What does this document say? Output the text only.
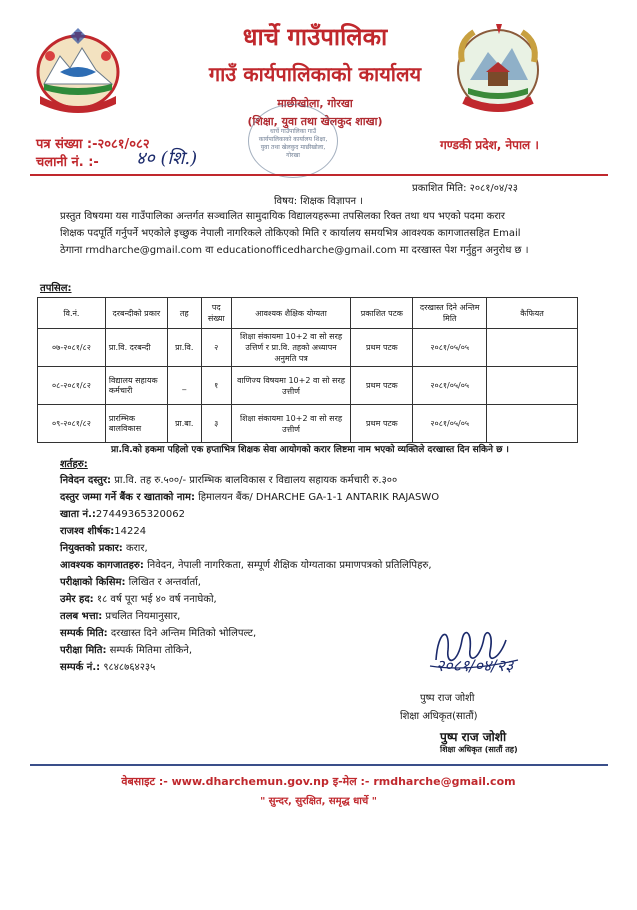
धार्चे गाउँपालिका
गाउँ कार्यपालिकाको कार्यालय
माछीखोला, गोरखा
(शिक्षा, युवा तथा खेलकुद शाखा)
पत्र संख्या :-२०८१/०८२
चलानी नं. :- ४० (शि.)
गण्डकी प्रदेश, नेपाल ।
धार्चे गाउँपालिका गाउँ कार्यपालिकाको कार्यालय शिक्षा, युवा तथा खेलकुद माछीखोला, गोरखा
प्रकाशित मिति: २०८१/०४/२३
विषय: शिक्षक विज्ञापन ।
प्रस्तुत विषयमा यस गाउँपालिका अन्तर्गत सञ्चालित सामुदायिक विद्यालयहरूमा तपसिलका रिक्त तथा थप भएको पदमा करार शिक्षक पदपूर्ति गर्नुपर्ने भएकोले इच्छुक नेपाली नागरिकले तोकिएको मिति र कार्यालय समयभित्र आवश्यक कागजातसहित Email ठेगाना rmdharche@gmail.com वा educationofficedharche@gmail.com मा दरखास्त पेश गर्नुहुन अनुरोध छ ।
तपसिल:
वि.नं.	दरबन्दीको प्रकार	तह	पद संख्या	आवश्यक शैक्षिक योग्यता	प्रकाशित पटक	दरखास्त दिने अन्तिम मिति	कैफियत
०७-२०८१/८२	प्रा.वि. दरबन्दी	प्रा.वि.	२	शिक्षा संकायमा 10+2 वा सो सरह उत्तिर्ण र प्रा.वि. तहको अध्यापन अनुमति पत्र	प्रथम पटक	२०८१/०५/०५	
०८-२०८१/८२	विद्यालय सहायक कर्मचारी	_	१	वाणिज्य विषयमा 10+2 वा सो सरह उत्तीर्ण	प्रथम पटक	२०८१/०५/०५	
०९-२०८१/८२	प्रारम्भिक बालविकास	प्रा.बा.	३	शिक्षा संकायमा 10+2 वा सो सरह उत्तीर्ण	प्रथम पटक	२०८१/०५/०५	
प्रा.वि.को हकमा पहिलो एक हप्ताभित्र शिक्षक सेवा आयोगको करार लिष्टमा नाम भएको व्यक्तिले दरखास्त दिन सकिने छ ।
शर्तहरु:
निवेदन दस्तुर: प्रा.वि. तह रु.५००/- प्रारम्भिक बालविकास र विद्यालय सहायक कर्मचारी रु.३००
दस्तुर जम्मा गर्ने बैंक र खाताको नाम: हिमालयन बैंक/ DHARCHE GA-1-1 ANTARIK RAJASWO
खाता नं.:27449365320062
राजश्व शीर्षक:14224
नियुक्तको प्रकार: करार,
आवश्यक कागजातहरु: निवेदन, नेपाली नागरिकता, सम्पूर्ण शैक्षिक योग्यताका प्रमाणपत्रको प्रतिलिपिहरु,
परीक्षाको किसिम: लिखित र अन्तर्वार्ता,
उमेर हद: १८ वर्ष पूरा भई ४० वर्ष ननाघेको,
तलब भत्ता: प्रचलित नियमानुसार,
सम्पर्क मिति: दरखास्त दिने अन्तिम मितिको भोलिपल्ट,
परीक्षा मिति: सम्पर्क मितिमा तोकिने,
सम्पर्क नं.: ९८४८७६४२३५	२०८१/०४/२३
पुष्प राज जोशी
शिक्षा अधिकृत(सातौं)
पुष्प राज जोशी
शिक्षा अधिकृत (सातौं तह)
वेबसाइट :- www.dharchemun.gov.np इ-मेल :- rmdharche@gmail.com
" सुन्दर, सुरक्षित, समृद्ध धार्चे "
